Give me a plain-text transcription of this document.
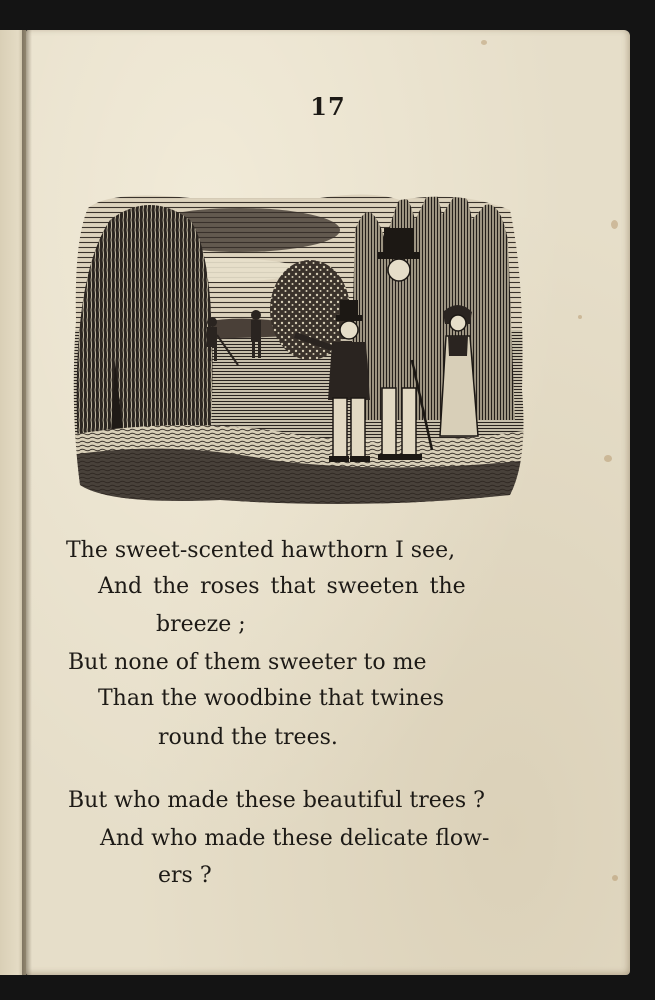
17
The sweet-scented hawthorn I see,
And the roses that sweeten the
breeze ;
But none of them sweeter to me
Than the woodbine that twines
round the trees.
But who made these beautiful trees ?
And who made these delicate flow-
ers ?
